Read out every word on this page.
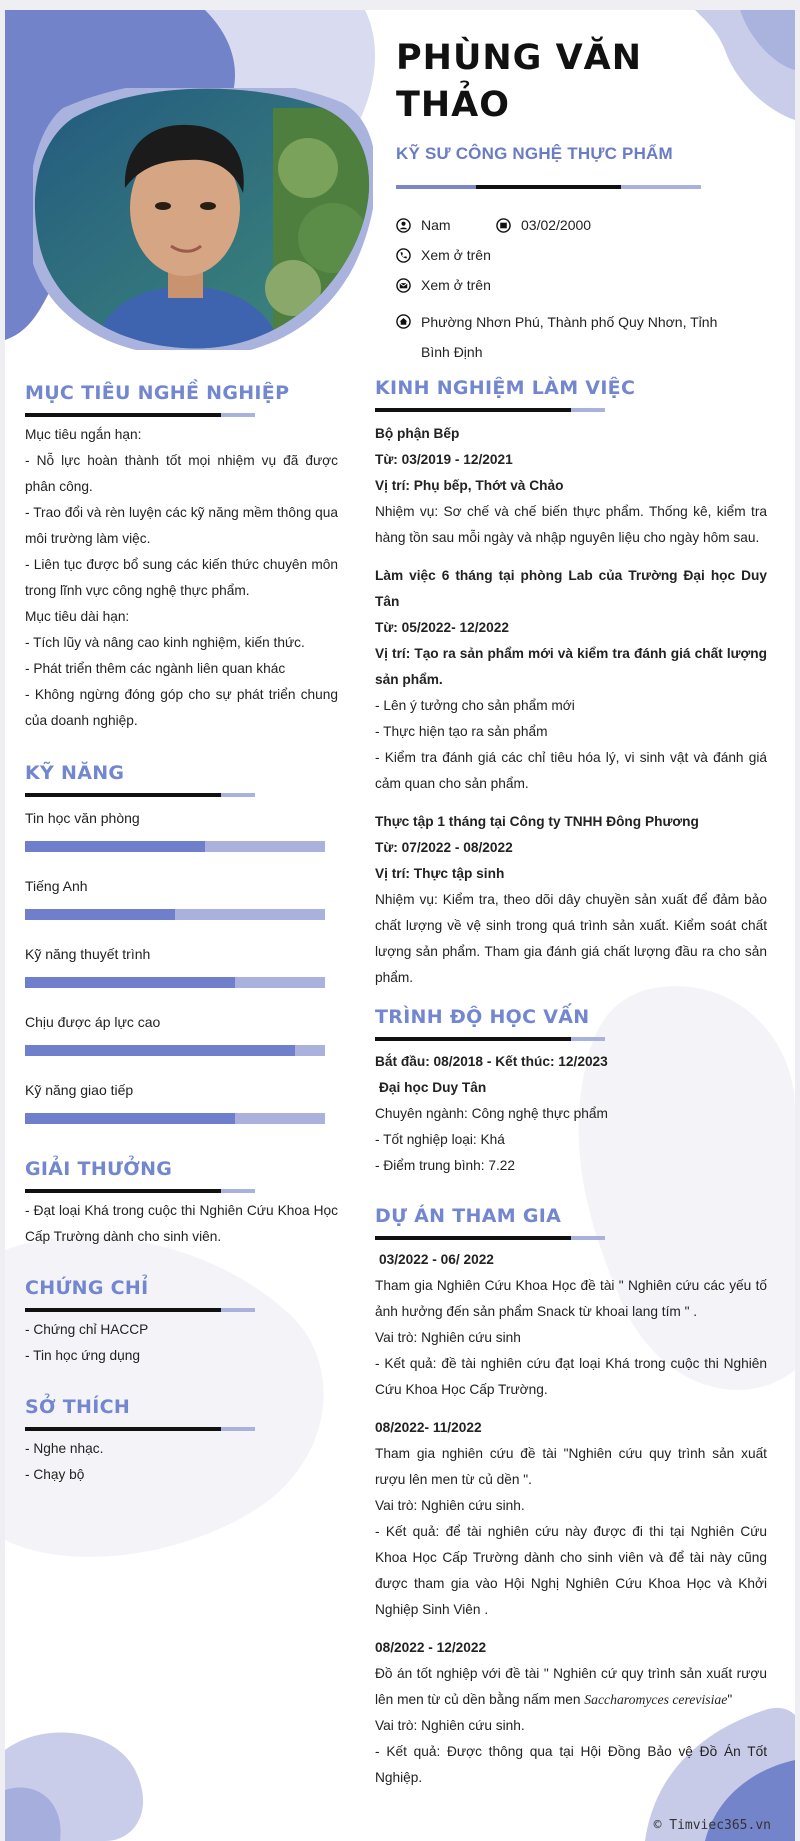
PHÙNG VĂN
THẢO
KỸ SƯ CÔNG NGHỆ THỰC PHẨM
Nam	03/02/2000
Xem ở trên
Xem ở trên
Phường Nhơn Phú, Thành phố Quy Nhơn, Tỉnh
Bình Định
MỤC TIÊU NGHỀ NGHIỆP

Mục tiêu ngắn hạn:

- Nỗ lực hoàn thành tốt mọi nhiệm vụ đã được phân công.

- Trao đổi và rèn luyện các kỹ năng mềm thông qua môi trường làm việc.

- Liên tục được bổ sung các kiến thức chuyên môn trong lĩnh vực công nghệ thực phẩm.

Mục tiêu dài hạn:

- Tích lũy và nâng cao kinh nghiệm, kiến thức.

- Phát triển thêm các ngành liên quan khác

- Không ngừng đóng góp cho sự phát triển chung của doanh nghiệp.

KỸ NĂNG
Tin học văn phòng
Tiếng Anh
Kỹ năng thuyết trình
Chịu được áp lực cao
Kỹ năng giao tiếp
GIẢI THƯỞNG
- Đạt loại Khá trong cuộc thi Nghiên Cứu Khoa Học Cấp Trường dành cho sinh viên.
CHỨNG CHỈ

- Chứng chỉ HACCP

- Tin học ứng dụng

SỞ THÍCH

- Nghe nhạc.

- Chạy bộ

KINH NGHIỆM LÀM VIỆC

Bộ phận Bếp

Từ: 03/2019 - 12/2021

Vị trí: Phụ bếp, Thớt và Chảo

Nhiệm vụ: Sơ chế và chế biến thực phẩm. Thống kê, kiểm tra hàng tồn sau mỗi ngày và nhập nguyên liệu cho ngày hôm sau.

Làm việc 6 tháng tại phòng Lab của Trường Đại học Duy Tân

Từ: 05/2022- 12/2022

Vị trí: Tạo ra sản phẩm mới và kiểm tra đánh giá chất lượng sản phẩm.

- Lên ý tưởng cho sản phẩm mới

- Thực hiện tạo ra sản phẩm

- Kiểm tra đánh giá các chỉ tiêu hóa lý, vi sinh vật và đánh giá cảm quan cho sản phẩm.

Thực tập 1 tháng tại Công ty TNHH Đông Phương

Từ: 07/2022 - 08/2022

Vị trí: Thực tập sinh

Nhiệm vụ: Kiểm tra, theo dõi dây chuyền sản xuất để đảm bảo chất lượng về vệ sinh trong quá trình sản xuất. Kiểm soát chất lượng sản phẩm. Tham gia đánh giá chất lượng đầu ra cho sản phẩm.

TRÌNH ĐỘ HỌC VẤN

Bắt đầu: 08/2018 - Kết thúc: 12/2023

Đại học Duy Tân

Chuyên ngành: Công nghệ thực phẩm

- Tốt nghiệp loại: Khá

- Điểm trung bình: 7.22

DỰ ÁN THAM GIA

03/2022 - 06/ 2022

Tham gia Nghiên Cứu Khoa Học đề tài " Nghiên cứu các yếu tố ảnh hưởng đến sản phẩm Snack từ khoai lang tím " .

Vai trò: Nghiên cứu sinh

- Kết quả: đề tài nghiên cứu đạt loại Khá trong cuộc thi Nghiên Cứu Khoa Học Cấp Trường.

08/2022- 11/2022

Tham gia nghiên cứu đề tài "Nghiên cứu quy trình sản xuất rượu lên men từ củ dền ".

Vai trò: Nghiên cứu sinh.

- Kết quả: để tài nghiên cứu này được đi thi tại Nghiên Cứu Khoa Học Cấp Trường dành cho sinh viên và để tài này cũng được tham gia vào Hội Nghị Nghiên Cứu Khoa Học và Khởi Nghiệp Sinh Viên .

08/2022 - 12/2022

Đồ án tốt nghiệp với đề tài " Nghiên cứ quy trình sản xuất rượu lên men từ củ dền bằng nấm men Saccharomyces cerevisiae"

Vai trò: Nghiên cứu sinh.

- Kết quả: Được thông qua tại Hội Đồng Bảo vệ Đồ Án Tốt Nghiệp.

© Timviec365.vn
